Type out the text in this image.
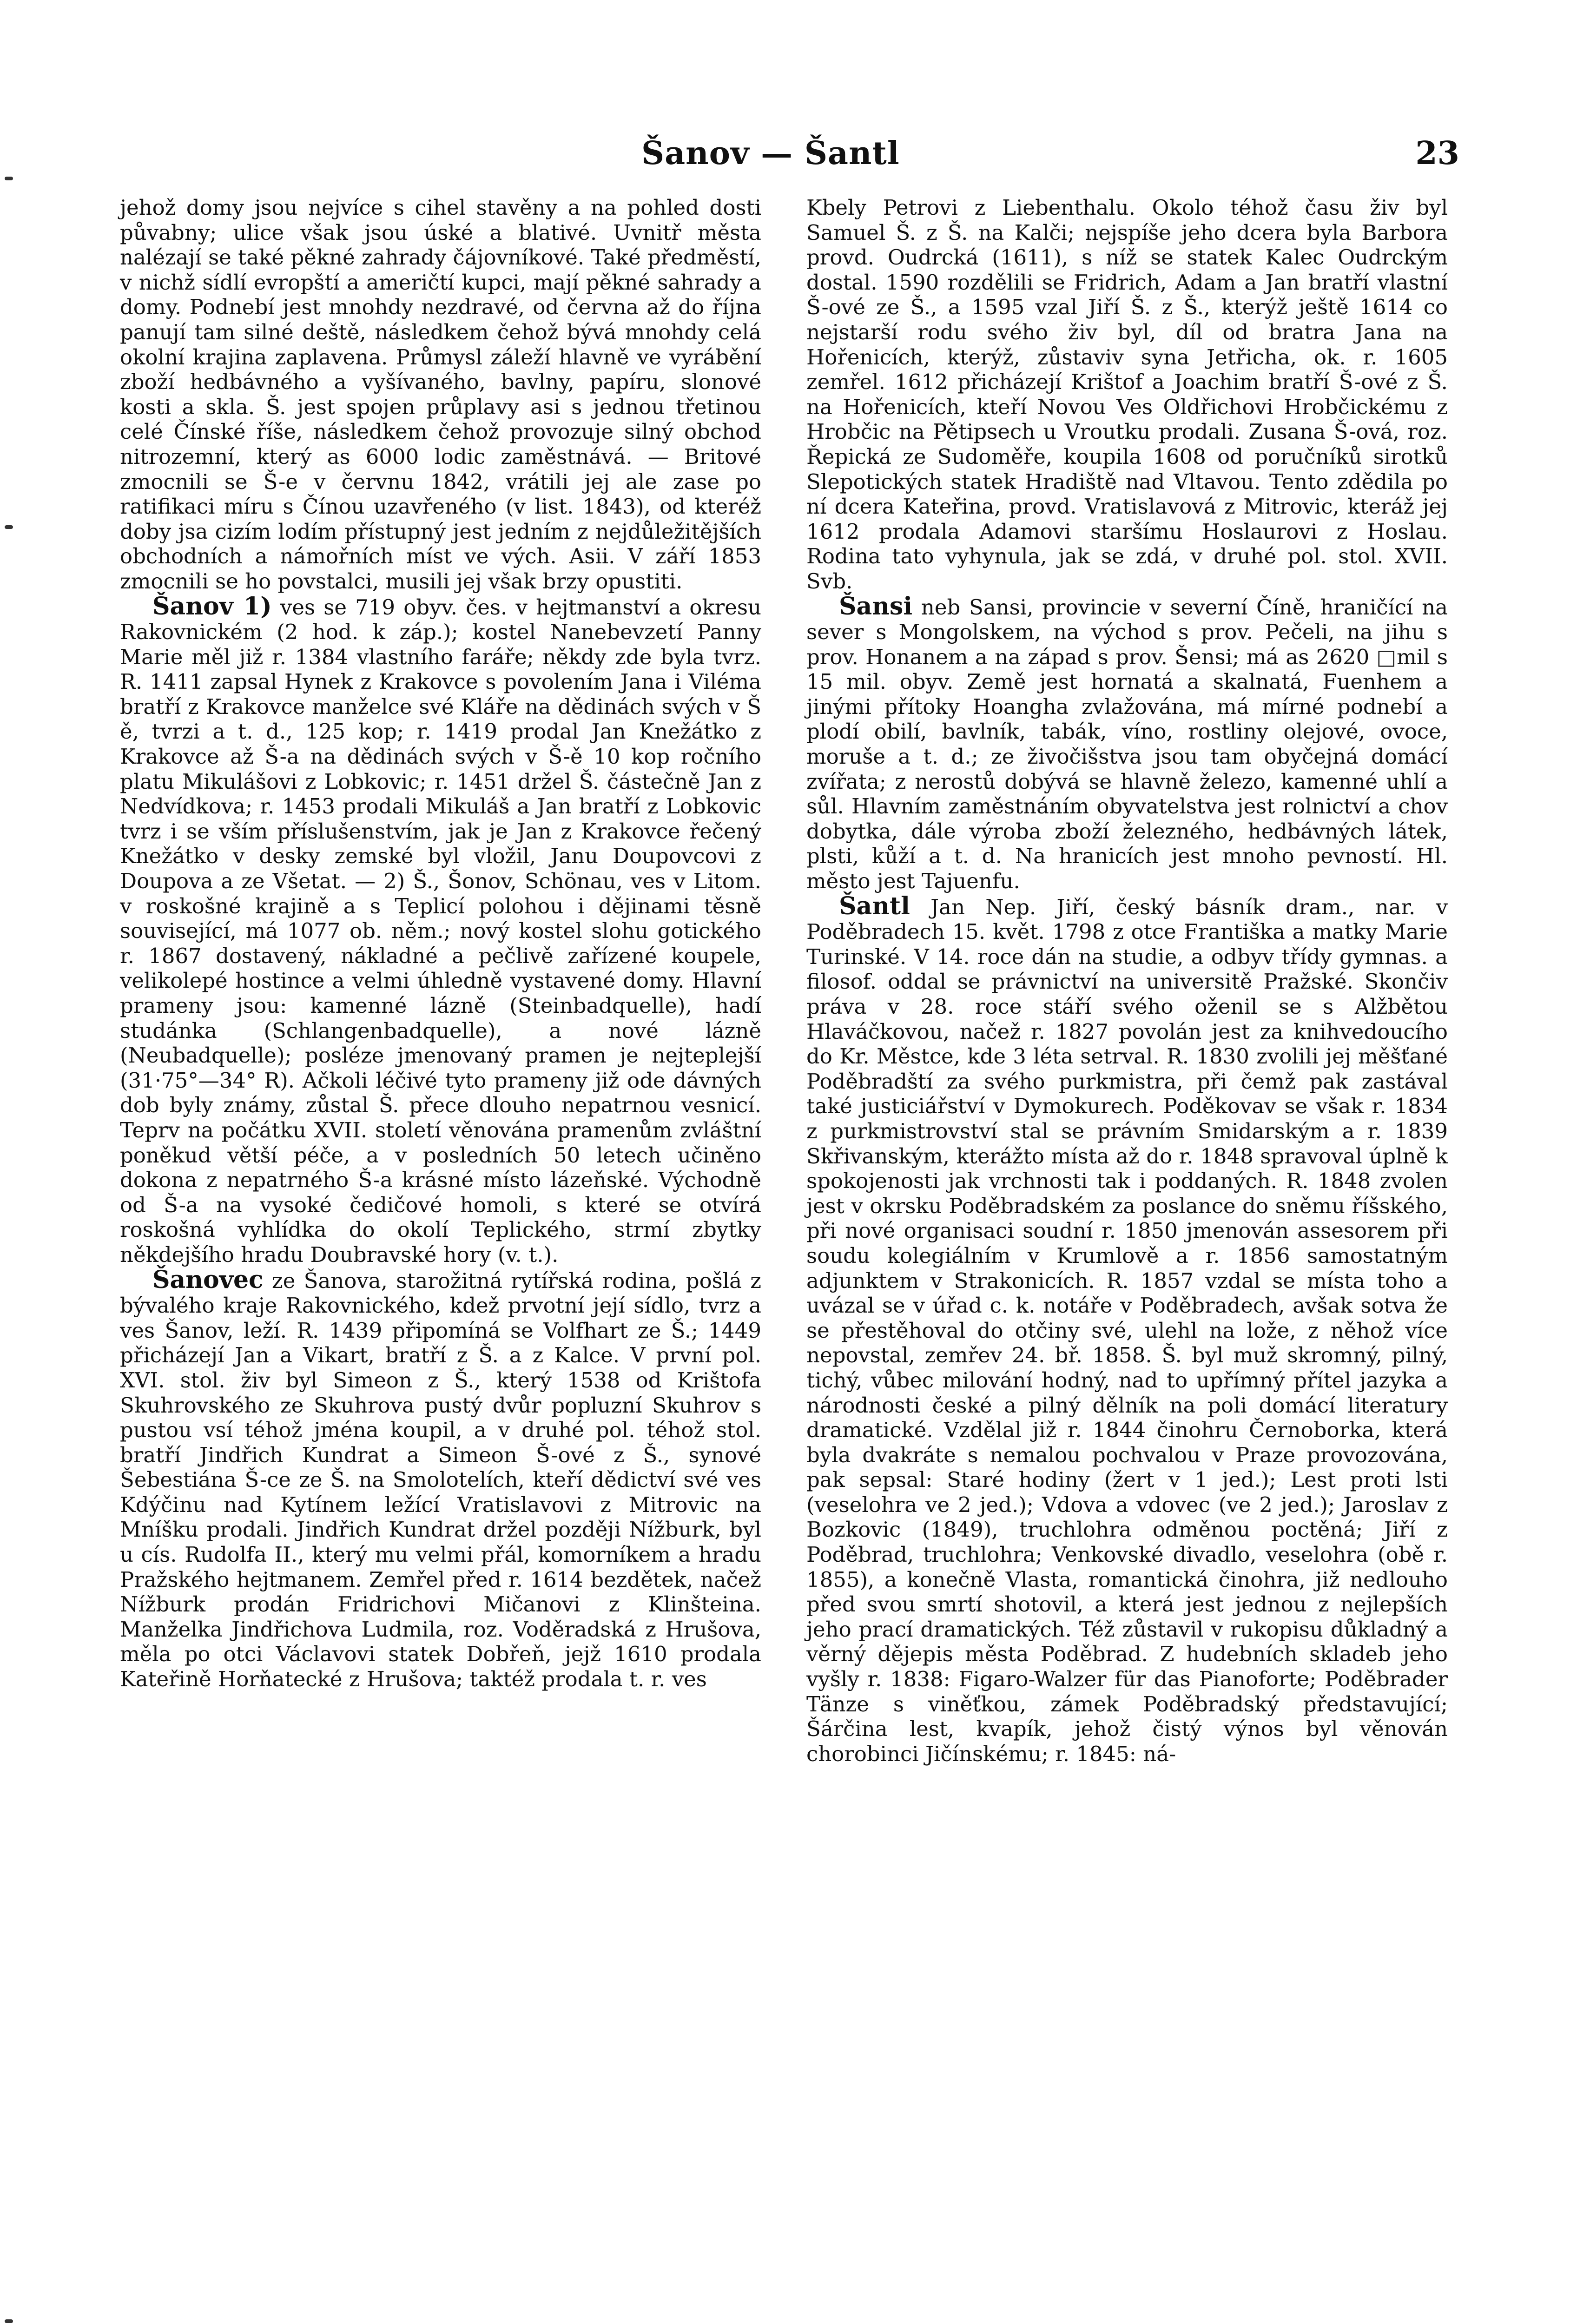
Šanov — Šantl	23

jehož domy jsou nejvíce s cihel stavěny a na pohled dosti půvabny; ulice však jsou úské a blativé. Uvnitř města nalézají se také pěkné zahrady čájovníkové. Také předměstí, v nichž sídlí evropští a američtí kupci, mají pěkné sahrady a domy. Podnebí jest mnohdy nezdravé, od června až do října panují tam silné deště, následkem čehož bývá mnohdy celá okolní krajina zaplavena. Průmysl záleží hlavně ve vyrábění zboží hedbávného a vyšívaného, bavlny, papíru, slonové kosti a skla. Š. jest spojen průplavy asi s jednou třetinou celé Čínské říše, následkem čehož provozuje silný obchod nitrozemní, který as 6000 lodic zaměstnává. — Britové zmocnili se Š-e v červnu 1842, vrátili jej ale zase po ratifikaci míru s Čínou uzavřeného (v list. 1843), od kteréž doby jsa cizím lodím přístupný jest jedním z nejdůležitějších obchodních a námořních míst ve vých. Asii. V září 1853 zmocnili se ho povstalci, musili jej však brzy opustiti.

Šanov 1) ves se 719 obyv. čes. v hejtmanství a okresu Rakovnickém (2 hod. k záp.); kostel Nanebevzetí Panny Marie měl již r. 1384 vlastního faráře; někdy zde byla tvrz. R. 1411 zapsal Hynek z Krakovce s povolením Jana i Viléma bratří z Krakovce manželce své Kláře na dědinách svých v Š ě, tvrzi a t. d., 125 kop; r. 1419 prodal Jan Knežátko z Krakovce až Š-a na dědinách svých v Š-ě 10 kop ročního platu Mikulášovi z Lobkovic; r. 1451 držel Š. částečně Jan z Nedvídkova; r. 1453 prodali Mikuláš a Jan bratří z Lobkovic tvrz i se vším příslušenstvím, jak je Jan z Krakovce řečený Knežátko v desky zemské byl vložil, Janu Doupovcovi z Doupova a ze Všetat. — 2) Š., Šonov, Schönau, ves v Litom. v roskošné krajině a s Teplicí polohou i dějinami těsně související, má 1077 ob. něm.; nový kostel slohu gotického r. 1867 dostavený, nákladné a pečlivě zařízené koupele, velikolepé hostince a velmi úhledně vystavené domy. Hlavní prameny jsou: kamenné lázně (Steinbadquelle), hadí studánka (Schlangenbadquelle), a nové lázně (Neubadquelle); posléze jmenovaný pramen je nejteplejší (31·75°—34° R). Ačkoli léčivé tyto prameny již ode dávných dob byly známy, zůstal Š. přece dlouho nepatrnou vesnicí. Teprv na počátku XVII. století věnována pramenům zvláštní poněkud větší péče, a v posledních 50 letech učiněno dokona z nepatrného Š-a krásné místo lázeňské. Východně od Š-a na vysoké čedičové homoli, s které se otvírá roskošná vyhlídka do okolí Teplického, strmí zbytky někdejšího hradu Doubravské hory (v. t.).

Šanovec ze Šanova, starožitná rytířská rodina, pošlá z bývalého kraje Rakovnického, kdež prvotní její sídlo, tvrz a ves Šanov, leží. R. 1439 připomíná se Volfhart ze Š.; 1449 přicházejí Jan a Vikart, bratří z Š. a z Kalce. V první pol. XVI. stol. živ byl Simeon z Š., který 1538 od Krištofa Skuhrovského ze Skuhrova pustý dvůr popluzní Skuhrov s pustou vsí téhož jména koupil, a v druhé pol. téhož stol. bratří Jindřich Kundrat a Simeon Š-ové z Š., synové Šebestiána Š-ce ze Š. na Smolotelích, kteří dědictví své ves Kdýčinu nad Kytínem ležící Vratislavovi z Mitrovic na Mníšku prodali. Jindřich Kundrat držel později Nížburk, byl u cís. Rudolfa II., který mu velmi přál, komorníkem a hradu Pražského hejtmanem. Zemřel před r. 1614 bezdětek, načež Nížburk prodán Fridrichovi Mičanovi z Klinšteina. Manželka Jindřichova Ludmila, roz. Voděradská z Hrušova, měla po otci Václavovi statek Dobřeň, jejž 1610 prodala Kateřině Horňatecké z Hrušova; taktéž prodala t. r. ves

Kbely Petrovi z Liebenthalu. Okolo téhož času živ byl Samuel Š. z Š. na Kalči; nejspíše jeho dcera byla Barbora provd. Oudrcká (1611), s níž se statek Kalec Oudrckým dostal. 1590 rozdělili se Fridrich, Adam a Jan bratří vlastní Š-ové ze Š., a 1595 vzal Jiří Š. z Š., kterýž ještě 1614 co nejstarší rodu svého živ byl, díl od bratra Jana na Hořenicích, kterýž, zůstaviv syna Jetřicha, ok. r. 1605 zemřel. 1612 přicházejí Krištof a Joachim bratří Š-ové z Š. na Hořenicích, kteří Novou Ves Oldřichovi Hrobčickému z Hrobčic na Pětipsech u Vroutku prodali. Zusana Š-ová, roz. Řepická ze Sudoměře, koupila 1608 od poručníků sirotků Slepotických statek Hradiště nad Vltavou. Tento zdědila po ní dcera Kateřina, provd. Vratislavová z Mitrovic, kteráž jej 1612 prodala Adamovi staršímu Hoslaurovi z Hoslau. Rodina tato vyhynula, jak se zdá, v druhé pol. stol. XVII. Svb.

Šansi neb Sansi, provincie v severní Číně, hraničící na sever s Mongolskem, na východ s prov. Pečeli, na jihu s prov. Honanem a na západ s prov. Šensi; má as 2620 □mil s 15 mil. obyv. Země jest hornatá a skalnatá, Fuenhem a jinými přítoky Hoangha zvlažována, má mírné podnebí a plodí obilí, bavlník, tabák, víno, rostliny olejové, ovoce, morušе a t. d.; ze živočišstva jsou tam obyčejná domácí zvířata; z nerostů dobývá se hlavně železo, kamenné uhlí a sůl. Hlavním zaměstnáním obyvatelstva jest rolnictví a chov dobytka, dále výroba zboží železného, hedbávných látek, plsti, kůží a t. d. Na hranicích jest mnoho pevností. Hl. město jest Tajuenfu.

Šantl Jan Nep. Jiří, český básník dram., nar. v Poděbradech 15. květ. 1798 z otce Františka a matky Marie Turinské. V 14. roce dán na studie, a odbyv třídy gymnas. a filosof. oddal se právnictví na universitě Pražské. Skončiv práva v 28. roce stáří svého oženil se s Alžbětou Hlaváčkovou, načež r. 1827 povolán jest za knihvedoucího do Kr. Městce, kde 3 léta setrval. R. 1830 zvolili jej měšťané Poděbradští za svého purkmistra, při čemž pak zastával také justiciářství v Dymokurech. Poděkovav se však r. 1834 z purkmistrovství stal se právním Smidarským a r. 1839 Skřivanským, kterážto místa až do r. 1848 spravoval úplně k spokojenosti jak vrchnosti tak i poddaných. R. 1848 zvolen jest v okrsku Poděbradském za poslance do sněmu říšského, při nové organisaci soudní r. 1850 jmenován assesorem při soudu kolegiálním v Krumlově a r. 1856 samostatným adjunktem v Strakonicích. R. 1857 vzdal se místa toho a uvázal se v úřad c. k. notáře v Poděbradech, avšak sotva že se přestěhoval do otčiny své, ulehl na lože, z něhož více nepovstal, zemřev 24. bř. 1858. Š. byl muž skromný, pilný, tichý, vůbec milování hodný, nad to upřímný přítel jazyka a národnosti české a pilný dělník na poli domácí literatury dramatické. Vzdělal již r. 1844 činohru Černoborka, která byla dvakráte s nemalou pochvalou v Praze provozována, pak sepsal: Staré hodiny (žert v 1 jed.); Lest proti lsti (veselohra ve 2 jed.); Vdova a vdovec (ve 2 jed.); Jaroslav z Bozkovic (1849), truchlohra odměnou poctěná; Jiří z Poděbrad, truchlohra; Venkovské divadlo, veselohra (obě r. 1855), a konečně Vlasta, romantická činohra, již nedlouho před svou smrtí shotovil, a která jest jednou z nejlepších jeho prací dramatických. Též zůstavil v rukopisu důkladný a věrný dějepis města Poděbrad. Z hudebních skladeb jeho vyšly r. 1838: Figaro-Walzer für das Pianoforte; Poděbrader Tänze s viněťkou, zámek Poděbradský představující; Šárčina lest, kvapík, jehož čistý výnos byl věnován chorobinci Jičínskému; r. 1845: ná-
